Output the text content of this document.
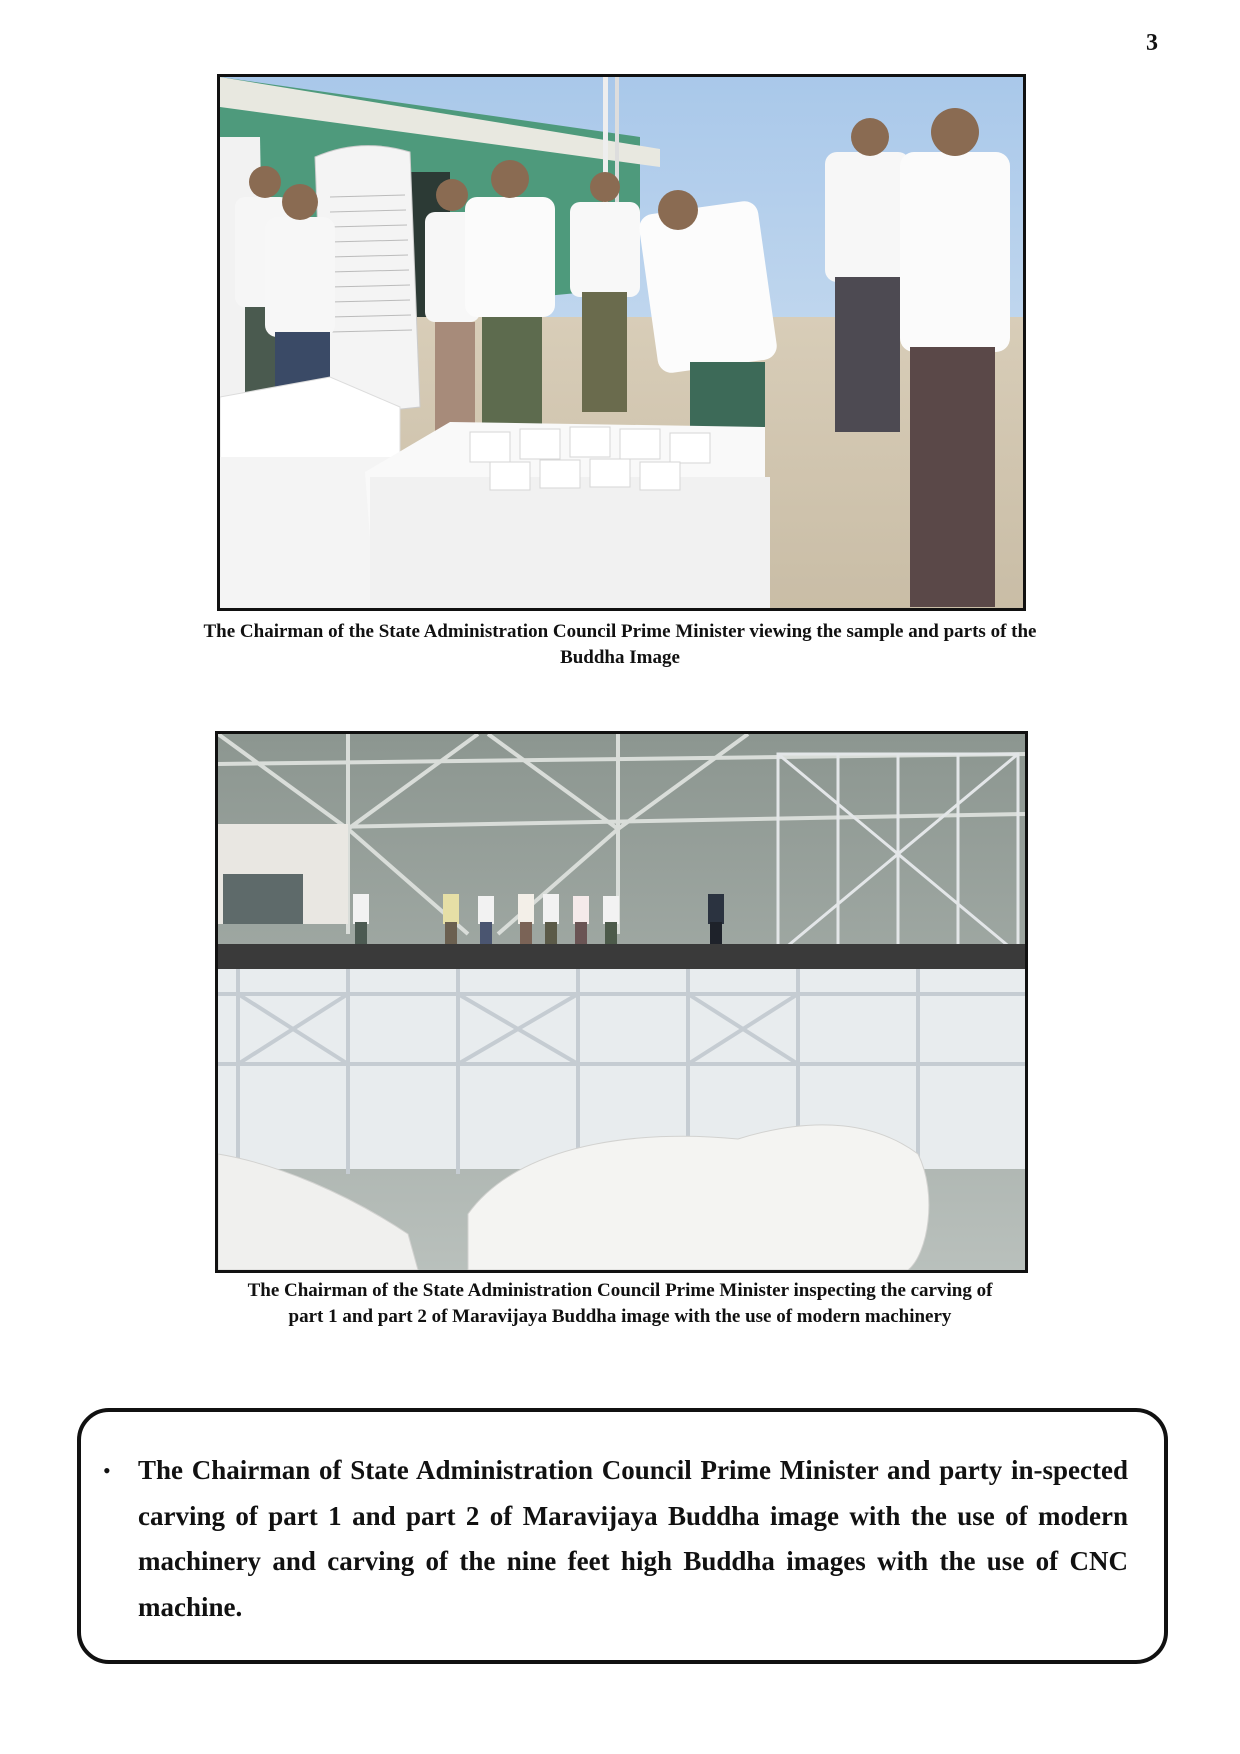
3
The Chairman of the State Administration Council Prime Minister viewing the sample and parts of the Buddha Image
The Chairman of the State Administration Council Prime Minister inspecting the carving of part 1 and part 2 of Maravijaya Buddha image with the use of modern machinery
• The Chairman of State Administration Council Prime Minister and party in-spected carving of part 1 and part 2 of Maravijaya Buddha image with the use of modern machinery and carving of the nine feet high Buddha images with the use of CNC machine.
